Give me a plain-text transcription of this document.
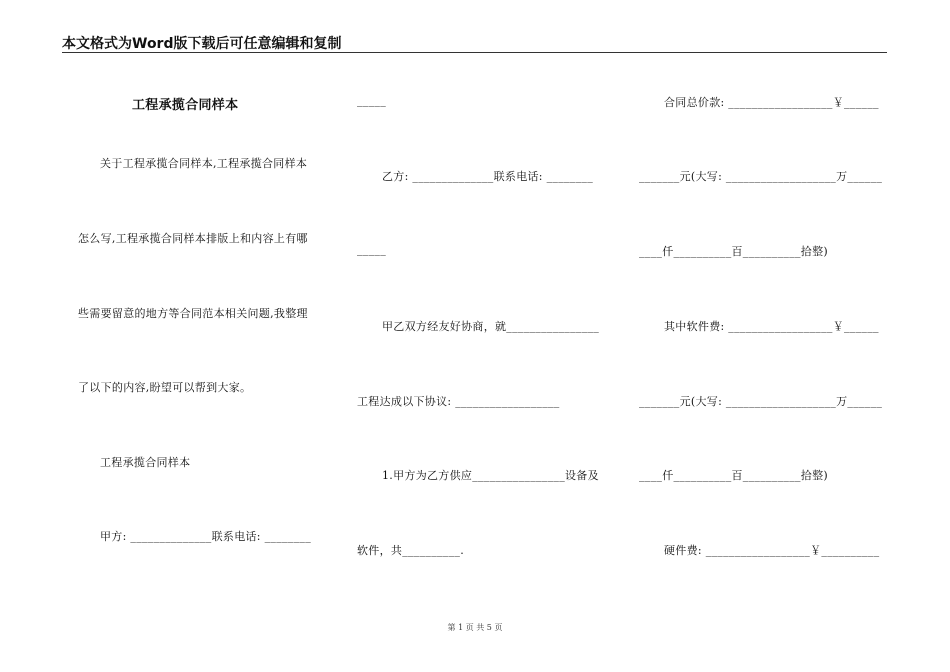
本文格式为Word版下载后可任意编辑和复制
工程承揽合同样本
关于工程承揽合同样本,工程承揽合同样本
怎么写,工程承揽合同样本排版上和内容上有哪
些需要留意的地方等合同范本相关问题,我整理
了以下的内容,盼望可以帮到大家。
工程承揽合同样本
甲方: ______________联系电话: ________
_____
乙方: ______________联系电话: ________
_____
甲乙双方经友好协商，就________________
工程达成以下协议: __________________
1.甲方为乙方供应________________设备及
软件，共__________.
合同总价款: __________________￥______
_______元(大写: ___________________万______
____仟__________百__________拾整)
其中软件费: __________________￥______
_______元(大写: ___________________万______
____仟__________百__________拾整)
硬件费: __________________￥__________
第 1 页 共 5 页
